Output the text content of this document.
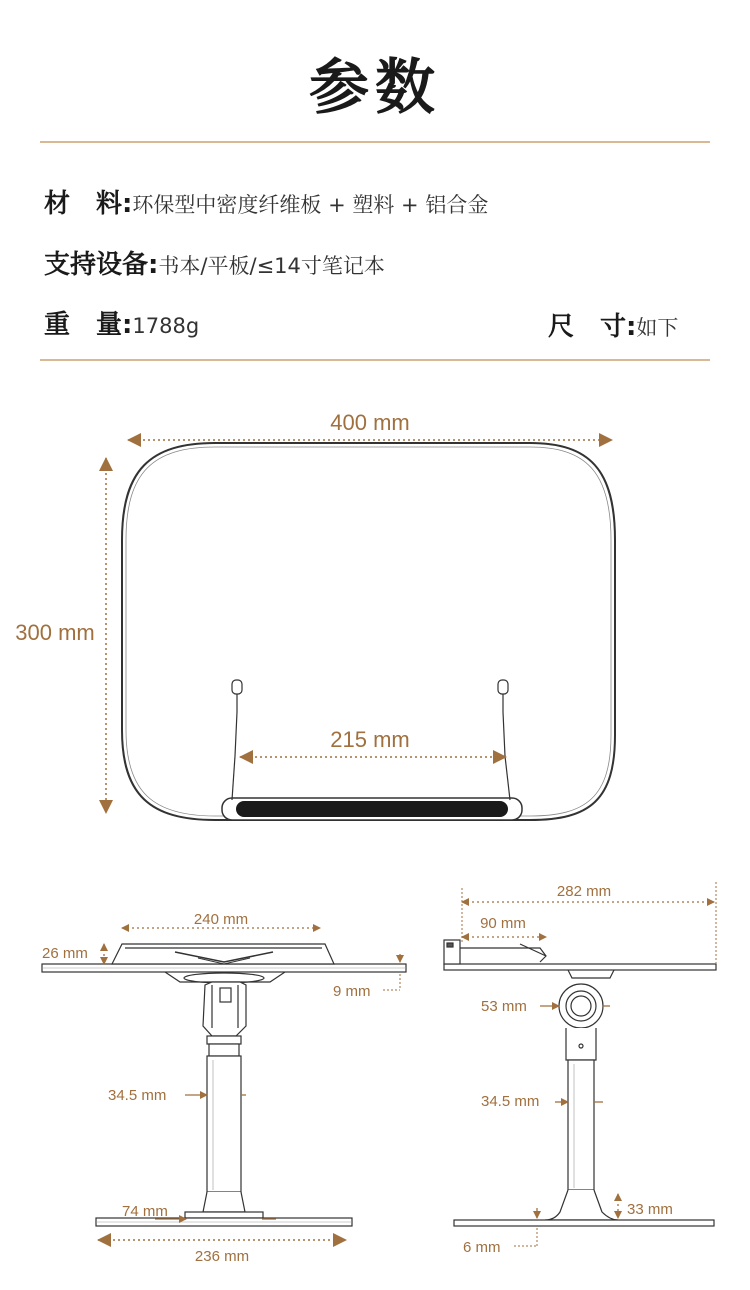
参数
材　料:环保型中密度纤维板 + 塑料 + 铝合金
支持设备:书本/平板/≤14寸笔记本
重　量:1788g	尺　寸:如下
400 mm
300 mm
215 mm
240 mm
26 mm
9 mm
34.5 mm
74 mm
236 mm
282 mm
90 mm
53 mm
34.5 mm
33 mm
6 mm
